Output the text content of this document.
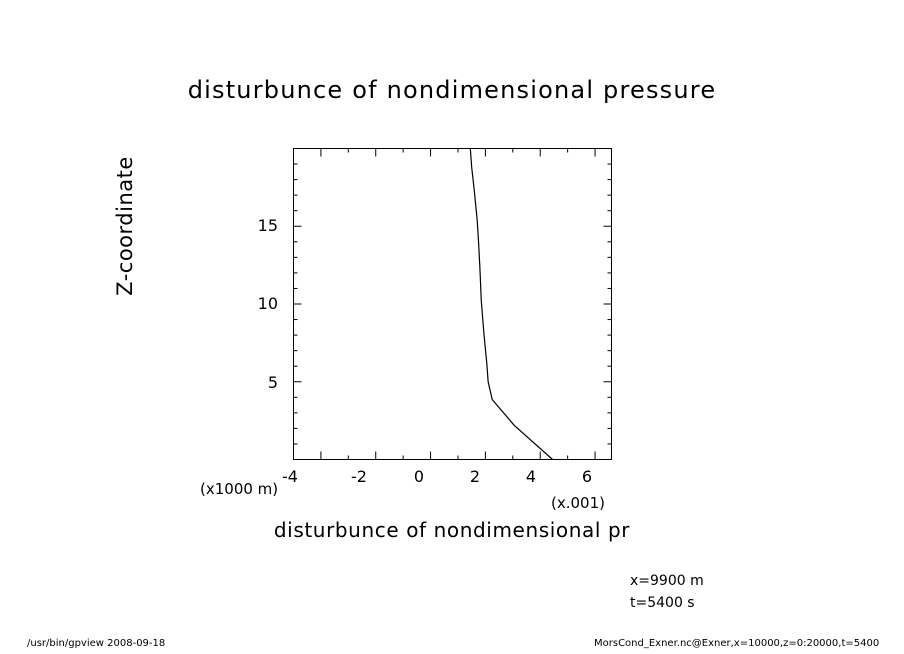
disturbunce of nondimensional pressure
Z-coordinate	15
10
5
-4	-2	0	2	4	6
(x1000 m)
(x.001)
disturbunce of nondimensional pr
x=9900 m
t=5400 s
/usr/bin/gpview 2008-09-18	MorsCond_Exner.nc@Exner,x=10000,z=0:20000,t=5400
